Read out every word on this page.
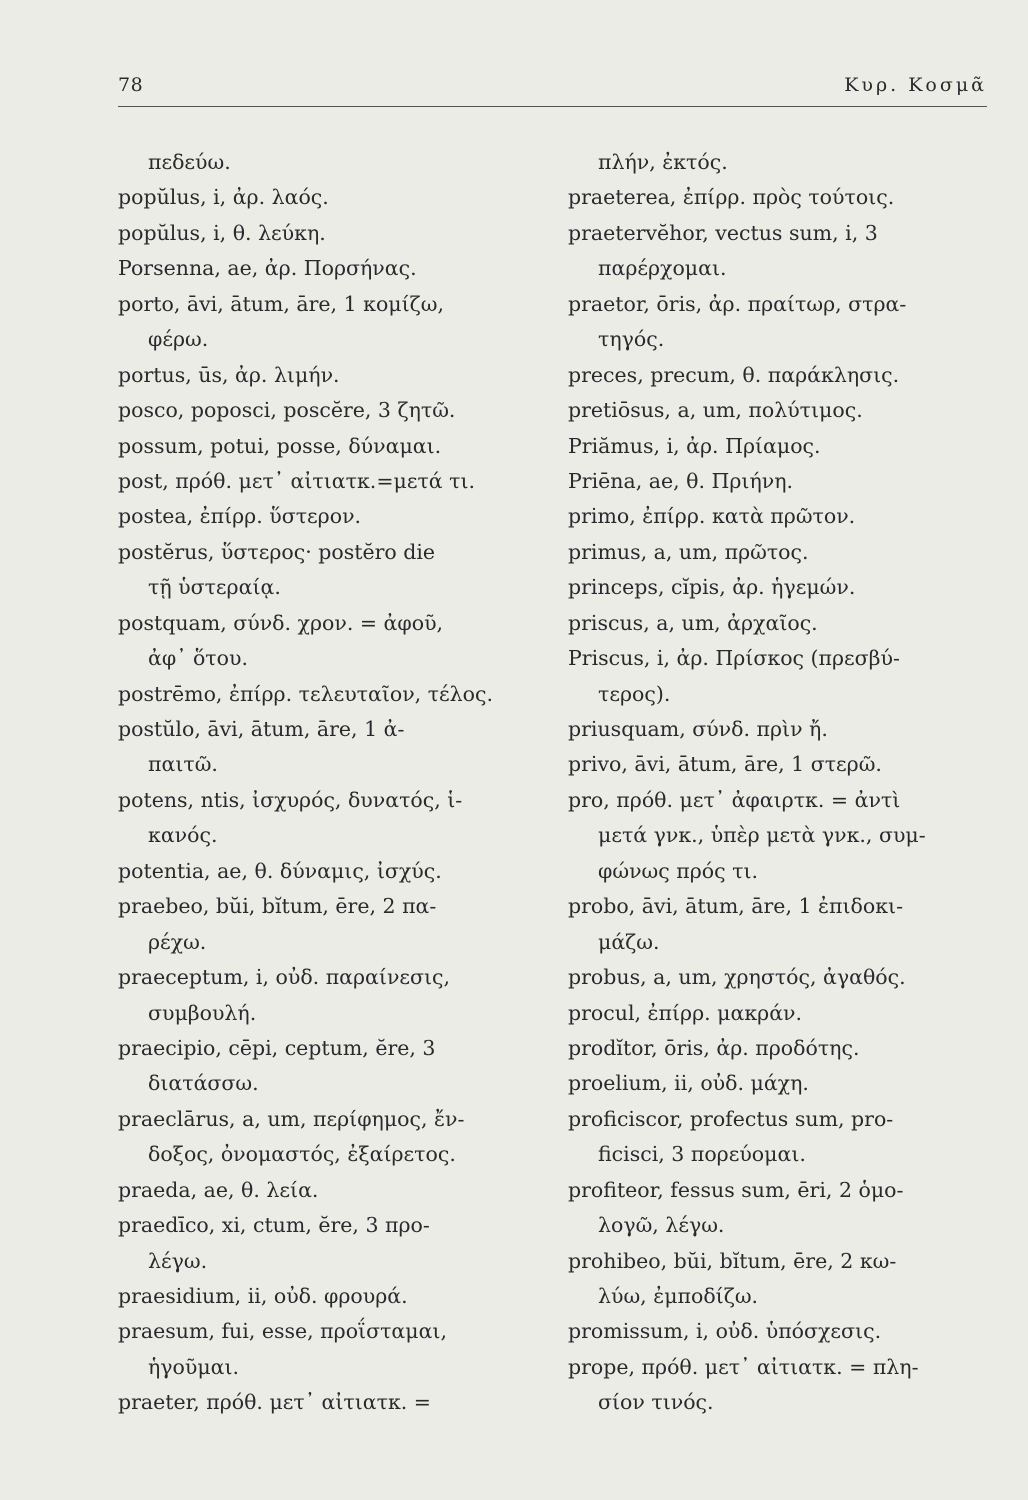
78	Κυρ. Κοσμᾶ
πεδεύω.
popŭlus, i, ἀρ. λαός.
popŭlus, i, θ. λεύκη.
Porsenna, ae, ἀρ. Πορσήνας.
porto, āvi, ātum, āre, 1 κομίζω,
φέρω.
portus, ūs, ἀρ. λιμήν.
posco, poposci, poscĕre, 3 ζητῶ.
possum, potui, posse, δύναμαι.
post, πρόθ. μετ᾽ αἰτιατκ.=μετά τι.
postea, ἐπίρρ. ὕστερον.
postĕrus, ὕστερος· postĕro die
τῇ ὑστεραίᾳ.
postquam, σύνδ. χρον. = ἀφοῦ,
ἀφ᾽ ὅτου.
postrēmo, ἐπίρρ. τελευταῖον, τέλος.
postŭlo, āvi, ātum, āre, 1 ἀ-
παιτῶ.
potens, ntis, ἰσχυρός, δυνατός, ἱ-
κανός.
potentia, ae, θ. δύναμις, ἰσχύς.
praebeo, bŭi, bĭtum, ēre, 2 πα-
ρέχω.
praeceptum, i, οὐδ. παραίνεσις,
συμβουλή.
praecipio, cēpi, ceptum, ĕre, 3
διατάσσω.
praeclārus, a, um, περίφημος, ἔν-
δοξος, ὀνομαστός, ἐξαίρετος.
praeda, ae, θ. λεία.
praedīco, xi, ctum, ĕre, 3 προ-
λέγω.
praesidium, ii, οὐδ. φρουρά.
praesum, fui, esse, προΐσταμαι,
ἡγοῦμαι.
praeter, πρόθ. μετ᾽ αἰτιατκ. =
πλήν, ἐκτός.
praeterea, ἐπίρρ. πρὸς τούτοις.
praetervĕhor, vectus sum, i, 3
παρέρχομαι.
praetor, ōris, ἀρ. πραίτωρ, στρα-
τηγός.
preces, precum, θ. παράκλησις.
pretiōsus, a, um, πολύτιμος.
Priămus, i, ἀρ. Πρίαμος.
Priēna, ae, θ. Πριήνη.
primo, ἐπίρρ. κατὰ πρῶτον.
primus, a, um, πρῶτος.
princeps, cĭpis, ἀρ. ἡγεμών.
priscus, a, um, ἀρχαῖος.
Priscus, i, ἀρ. Πρίσκος (πρεσβύ-
τερος).
priusquam, σύνδ. πρὶν ἤ.
privo, āvi, ātum, āre, 1 στερῶ.
pro, πρόθ. μετ᾽ ἀφαιρτκ. = ἀντὶ
μετά γνκ., ὑπὲρ μετὰ γνκ., συμ-
φώνως πρός τι.
probo, āvi, ātum, āre, 1 ἐπιδοκι-
μάζω.
probus, a, um, χρηστός, ἀγαθός.
procul, ἐπίρρ. μακράν.
prodĭtor, ōris, ἀρ. προδότης.
proelium, ii, οὐδ. μάχη.
proficiscor, profectus sum, pro-
ficisci, 3 πορεύομαι.
profiteor, fessus sum, ēri, 2 ὁμο-
λογῶ, λέγω.
prohibeo, bŭi, bĭtum, ēre, 2 κω-
λύω, ἐμποδίζω.
promissum, i, οὐδ. ὑπόσχεσις.
prope, πρόθ. μετ᾽ αἰτιατκ. = πλη-
σίον τινός.
